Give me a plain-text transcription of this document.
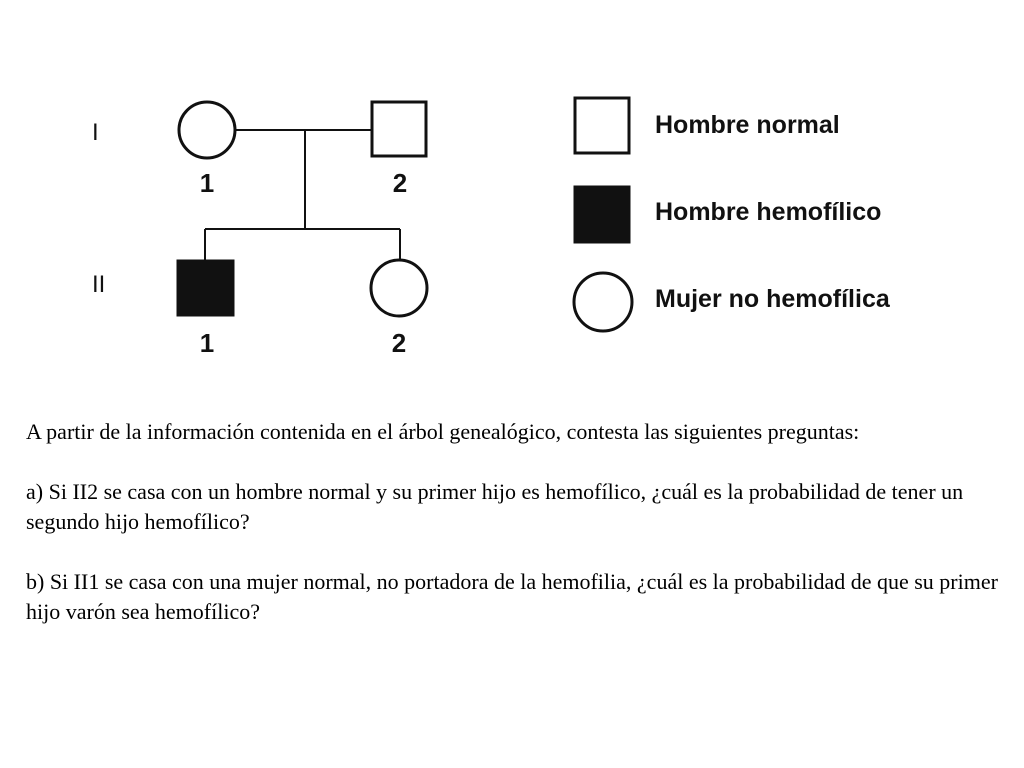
I
II
1	2
1	2
Hombre normal
Hombre hemofílico
Mujer no hemofílica

A partir de la información contenida en el árbol genealógico, contesta las siguientes preguntas:

a) Si II2 se casa con un hombre normal y su primer hijo es hemofílico, ¿cuál es la probabilidad de tener un segundo hijo hemofílico?

b) Si II1 se casa con una mujer normal, no portadora de la hemofilia, ¿cuál es la probabilidad de que su primer hijo varón sea hemofílico?
